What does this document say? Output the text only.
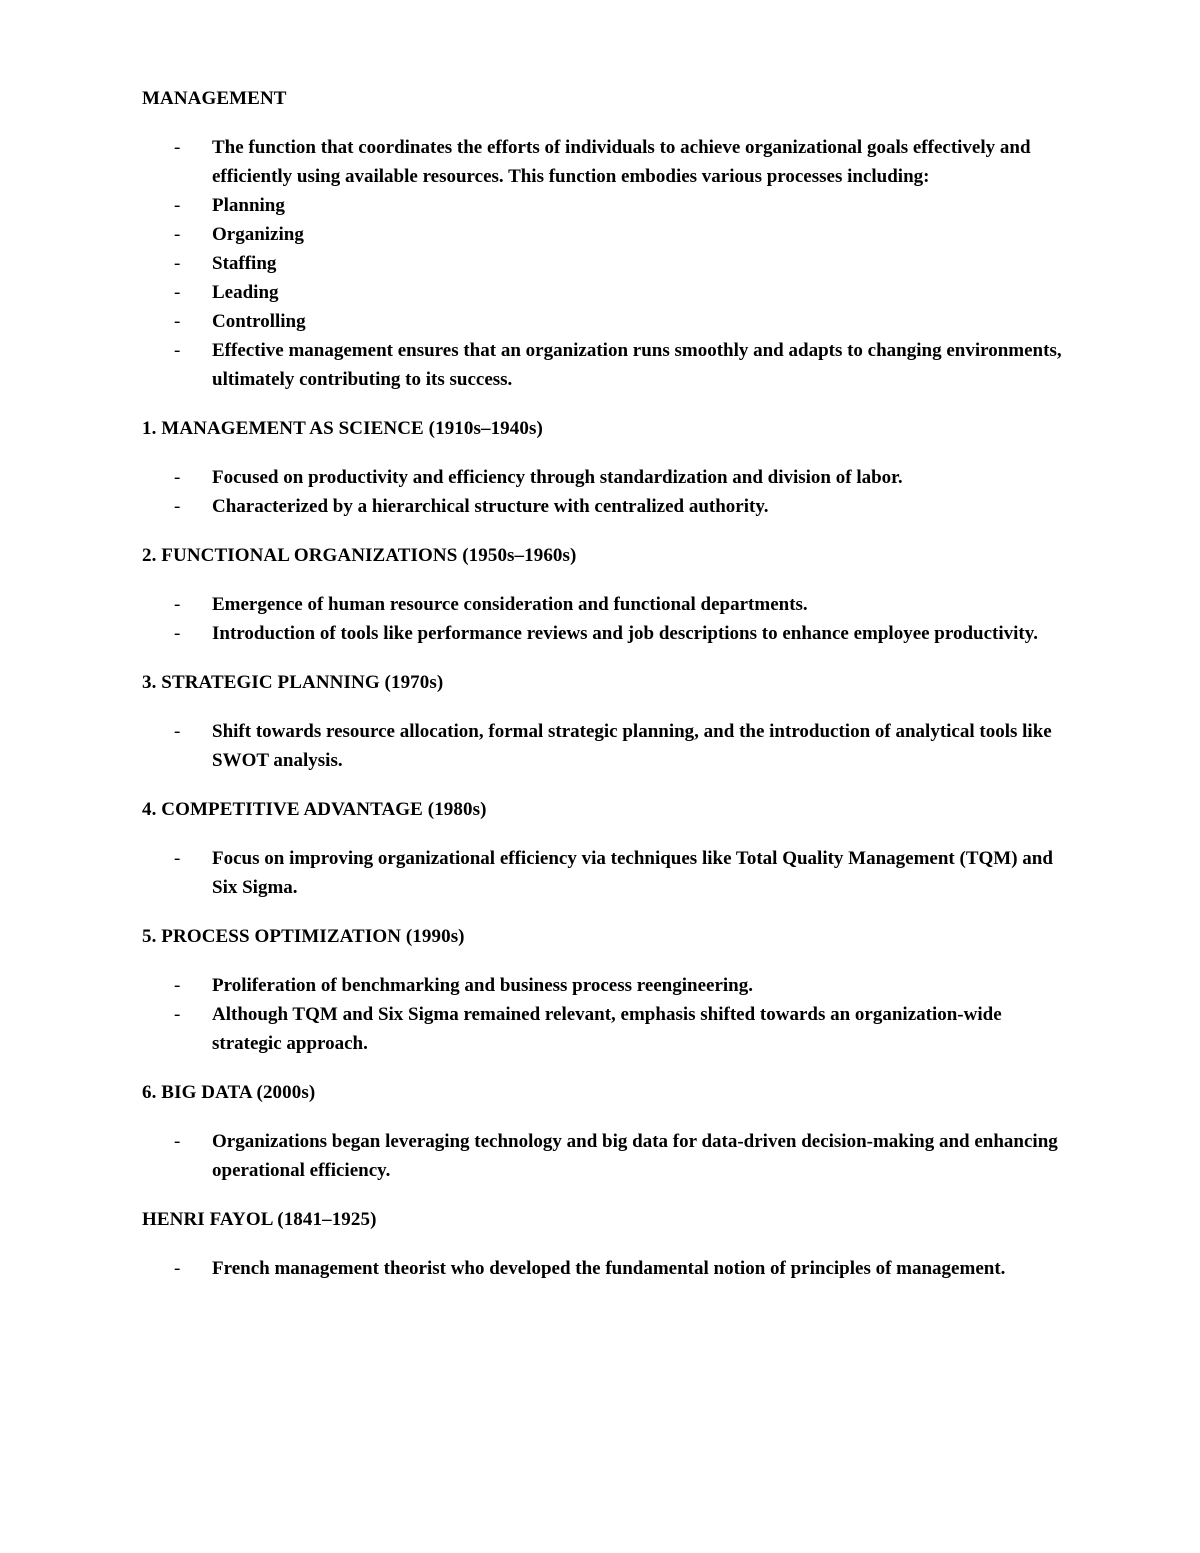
MANAGEMENT
- The function that coordinates the efforts of individuals to achieve organizational goals effectively and efficiently using available resources. This function embodies various processes including:
- Planning
- Organizing
- Staffing
- Leading
- Controlling
- Effective management ensures that an organization runs smoothly and adapts to changing environments, ultimately contributing to its success.
1. MANAGEMENT AS SCIENCE (1910s–1940s)
- Focused on productivity and efficiency through standardization and division of labor.
- Characterized by a hierarchical structure with centralized authority.
2. FUNCTIONAL ORGANIZATIONS (1950s–1960s)
- Emergence of human resource consideration and functional departments.
- Introduction of tools like performance reviews and job descriptions to enhance employee productivity.
3. STRATEGIC PLANNING (1970s)
- Shift towards resource allocation, formal strategic planning, and the introduction of analytical tools like SWOT analysis.
4. COMPETITIVE ADVANTAGE (1980s)
- Focus on improving organizational efficiency via techniques like Total Quality Management (TQM) and Six Sigma.
5. PROCESS OPTIMIZATION (1990s)
- Proliferation of benchmarking and business process reengineering.
- Although TQM and Six Sigma remained relevant, emphasis shifted towards an organization-wide strategic approach.
6. BIG DATA (2000s)
- Organizations began leveraging technology and big data for data-driven decision-making and enhancing operational efficiency.
HENRI FAYOL (1841–1925)
- French management theorist who developed the fundamental notion of principles of management.
